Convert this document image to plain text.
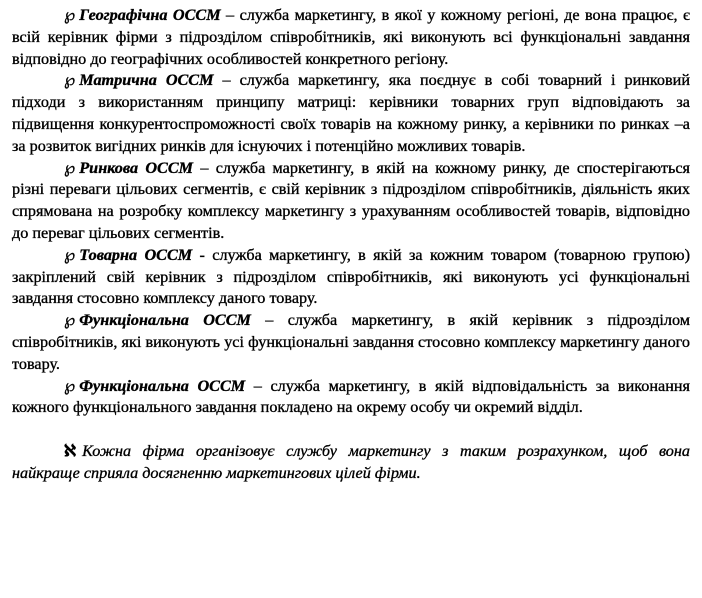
℘ Географічна ОССМ – служба маркетингу, в якої у кожному регіоні, де вона працює, є всій керівник фірми з підрозділом співробітників, які виконують всі функціональні завдання відповідно до географічних особливостей конкретного регіону.

℘ Матрична ОССМ – служба маркетингу, яка поєднує в собі товарний і ринковий підходи з використанням принципу матриці: керівники товарних груп відповідають за підвищення конкурентоспроможності своїх товарів на кожному ринку, а керівники по ринках –а за розвиток вигідних ринків для існуючих і потенційно можливих товарів.

℘ Ринкова ОССМ – служба маркетингу, в якій на кожному ринку, де спостерігаються різні переваги цільових сегментів, є свій керівник з підрозділом співробітників, діяльність яких спрямована на розробку комплексу маркетингу з урахуванням особливостей товарів, відповідно до переваг цільових сегментів.

℘ Товарна ОССМ - служба маркетингу, в якій за кожним товаром (товарною групою) закріплений свій керівник з підрозділом співробітників, які виконують усі функціональні завдання стосовно комплексу даного товару.

℘ Функціональна ОССМ – служба маркетингу, в якій керівник з підрозділом співробітників, які виконують усі функціональні завдання стосовно комплексу маркетингу даного товару.

℘ Функціональна ОССМ – служба маркетингу, в якій відповідальність за виконання кожного функціонального завдання покладено на окрему особу чи окремий відділ.

ℵ Кожна фірма організовує службу маркетингу з таким розрахунком, щоб вона найкраще сприяла досягненню маркетингових цілей фірми.
